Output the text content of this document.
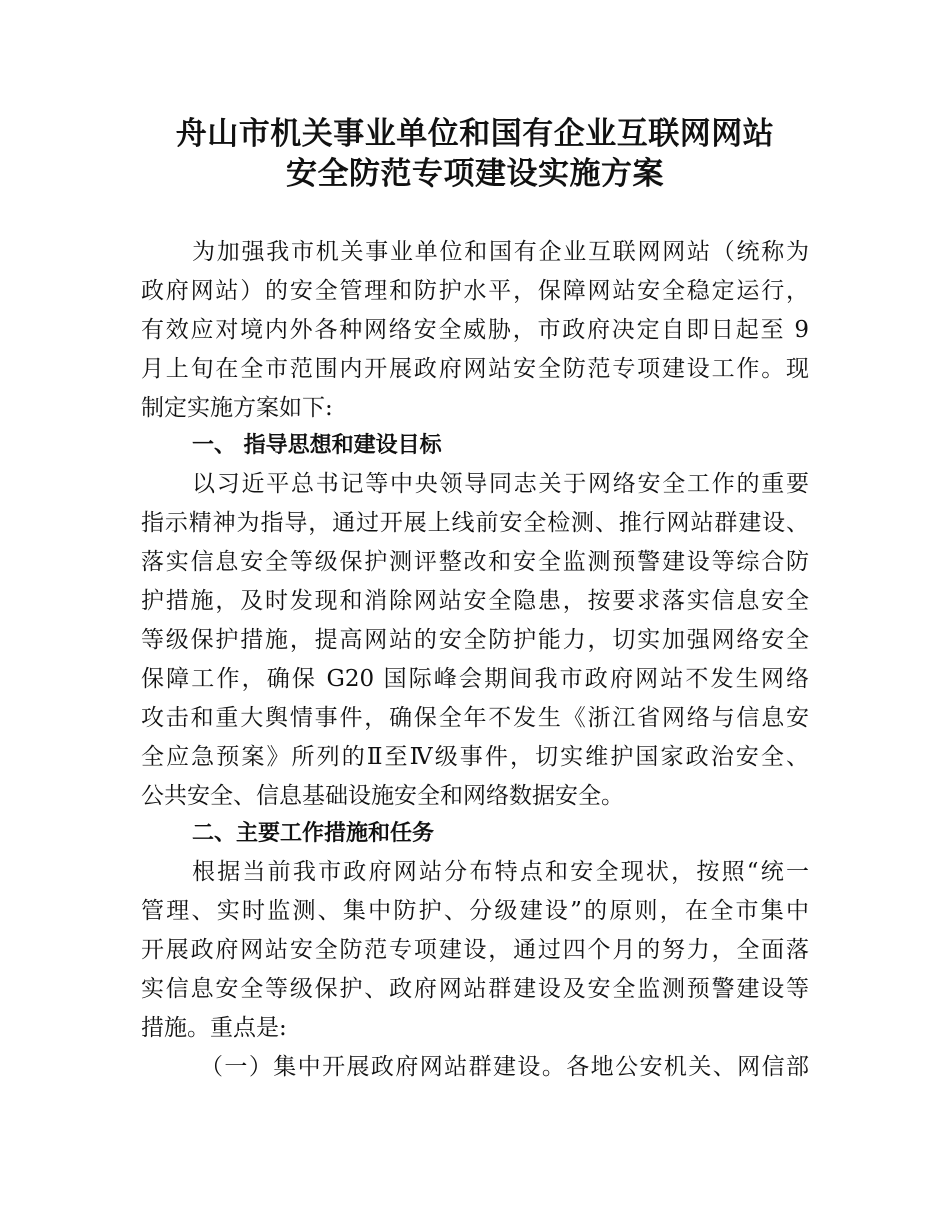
舟山市机关事业单位和国有企业互联网网站
安全防范专项建设实施方案
为加强我市机关事业单位和国有企业互联网网站（统称为
政府网站）的安全管理和防护水平，保障网站安全稳定运行，
有效应对境内外各种网络安全威胁，市政府决定自即日起至 9
月上旬在全市范围内开展政府网站安全防范专项建设工作。现
制定实施方案如下:
一、 指导思想和建设目标
以习近平总书记等中央领导同志关于网络安全工作的重要
指示精神为指导，通过开展上线前安全检测、推行网站群建设、
落实信息安全等级保护测评整改和安全监测预警建设等综合防
护措施，及时发现和消除网站安全隐患，按要求落实信息安全
等级保护措施，提高网站的安全防护能力，切实加强网络安全
保障工作，确保 G20 国际峰会期间我市政府网站不发生网络
攻击和重大舆情事件，确保全年不发生《浙江省网络与信息安
全应急预案》所列的Ⅱ至Ⅳ级事件，切实维护国家政治安全、
公共安全、信息基础设施安全和网络数据安全。
二、主要工作措施和任务
根据当前我市政府网站分布特点和安全现状，按照“统一
管理、实时监测、集中防护、分级建设”的原则，在全市集中
开展政府网站安全防范专项建设，通过四个月的努力，全面落
实信息安全等级保护、政府网站群建设及安全监测预警建设等
措施。重点是:
（一）集中开展政府网站群建设。各地公安机关、网信部
